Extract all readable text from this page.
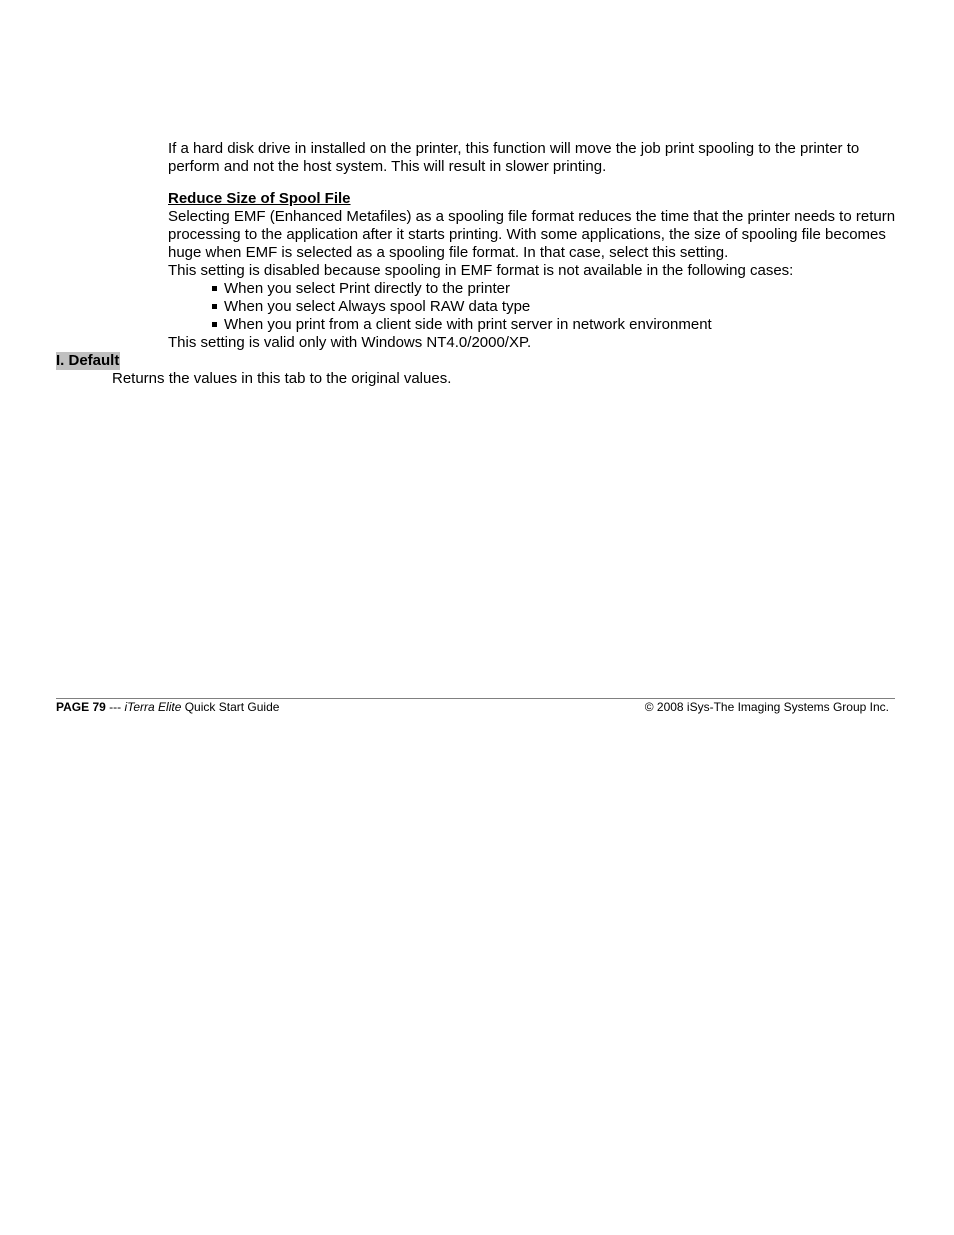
If a hard disk drive in installed on the printer, this function will move the job print spooling to the printer to perform and not the host system. This will result in slower printing.
Reduce Size of Spool File
Selecting EMF (Enhanced Metafiles) as a spooling file format reduces the time that the printer needs to return processing to the application after it starts printing. With some applications, the size of spooling file becomes huge when EMF is selected as a spooling file format. In that case, select this setting.
This setting is disabled because spooling in EMF format is not available in the following cases:
When you select Print directly to the printer
When you select Always spool RAW data type
When you print from a client side with print server in network environment
This setting is valid only with Windows NT4.0/2000/XP.
I. Default
Returns the values in this tab to the original values.
PAGE 79 --- iTerra Elite Quick Start Guide	© 2008 iSys-The Imaging Systems Group Inc.
